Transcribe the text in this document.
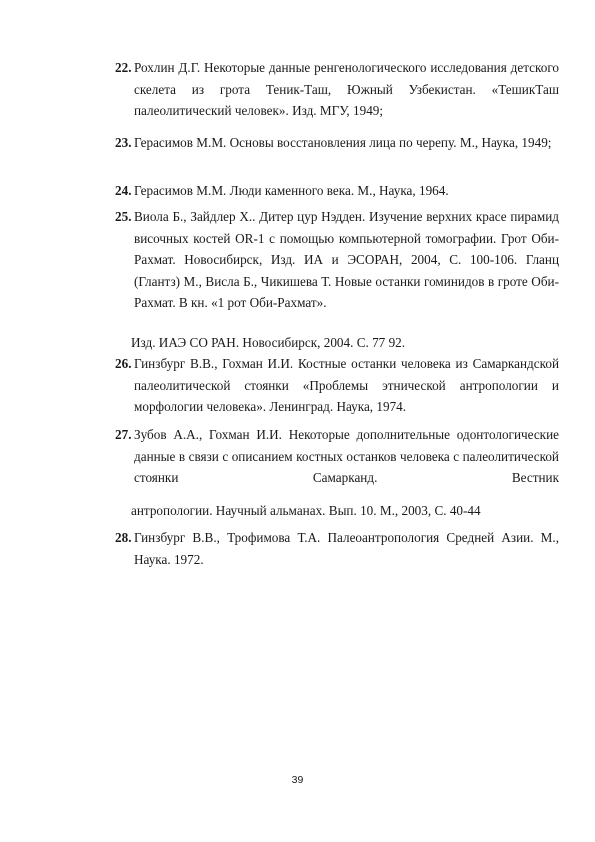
22. Рохлин Д.Г. Некоторые данные ренгенологического исследования детского скелета из грота Теник-Таш, Южный Узбекистан. «ТешикТаш палеолитический человек». Изд. МГУ, 1949;
23. Герасимов М.М. Основы восстановления лица по черепу. М., Наука, 1949;
24. Герасимов М.М. Люди каменного века. М., Наука, 1964.
25. Виола Б., Зайдлер Х.. Дитер цур Нэдден. Изучение верхних красе пирамид височных костей OR-1 с помощью компьютерной томографии. Грот Оби-Рахмат. Новосибирск, Изд. ИА и ЭСОРАН, 2004, С. 100-106. Гланц (Глантз) М., Висла Б., Чикишева Т. Новые останки гоминидов в гроте Оби-Рахмат. В кн. «1 рот Оби-Рахмат».
Изд. ИАЭ СО РАН. Новосибирск, 2004. С. 77 92.
26. Гинзбург В.В., Гохман И.И. Костные останки человека из Самаркандской палеолитической стоянки «Проблемы этнической антропологии и морфологии человека». Ленинград. Наука, 1974.
27. Зубов А.А., Гохман И.И. Некоторые дополнительные одонтологические данные в связи с описанием костных останков человека с палеолитической стоянки Самарканд. Вестник
антропологии. Научный альманах. Вып. 10. М., 2003, С. 40-44
28. Гинзбург В.В., Трофимова Т.А. Палеоантропология Средней Азии. М., Наука. 1972.
39
